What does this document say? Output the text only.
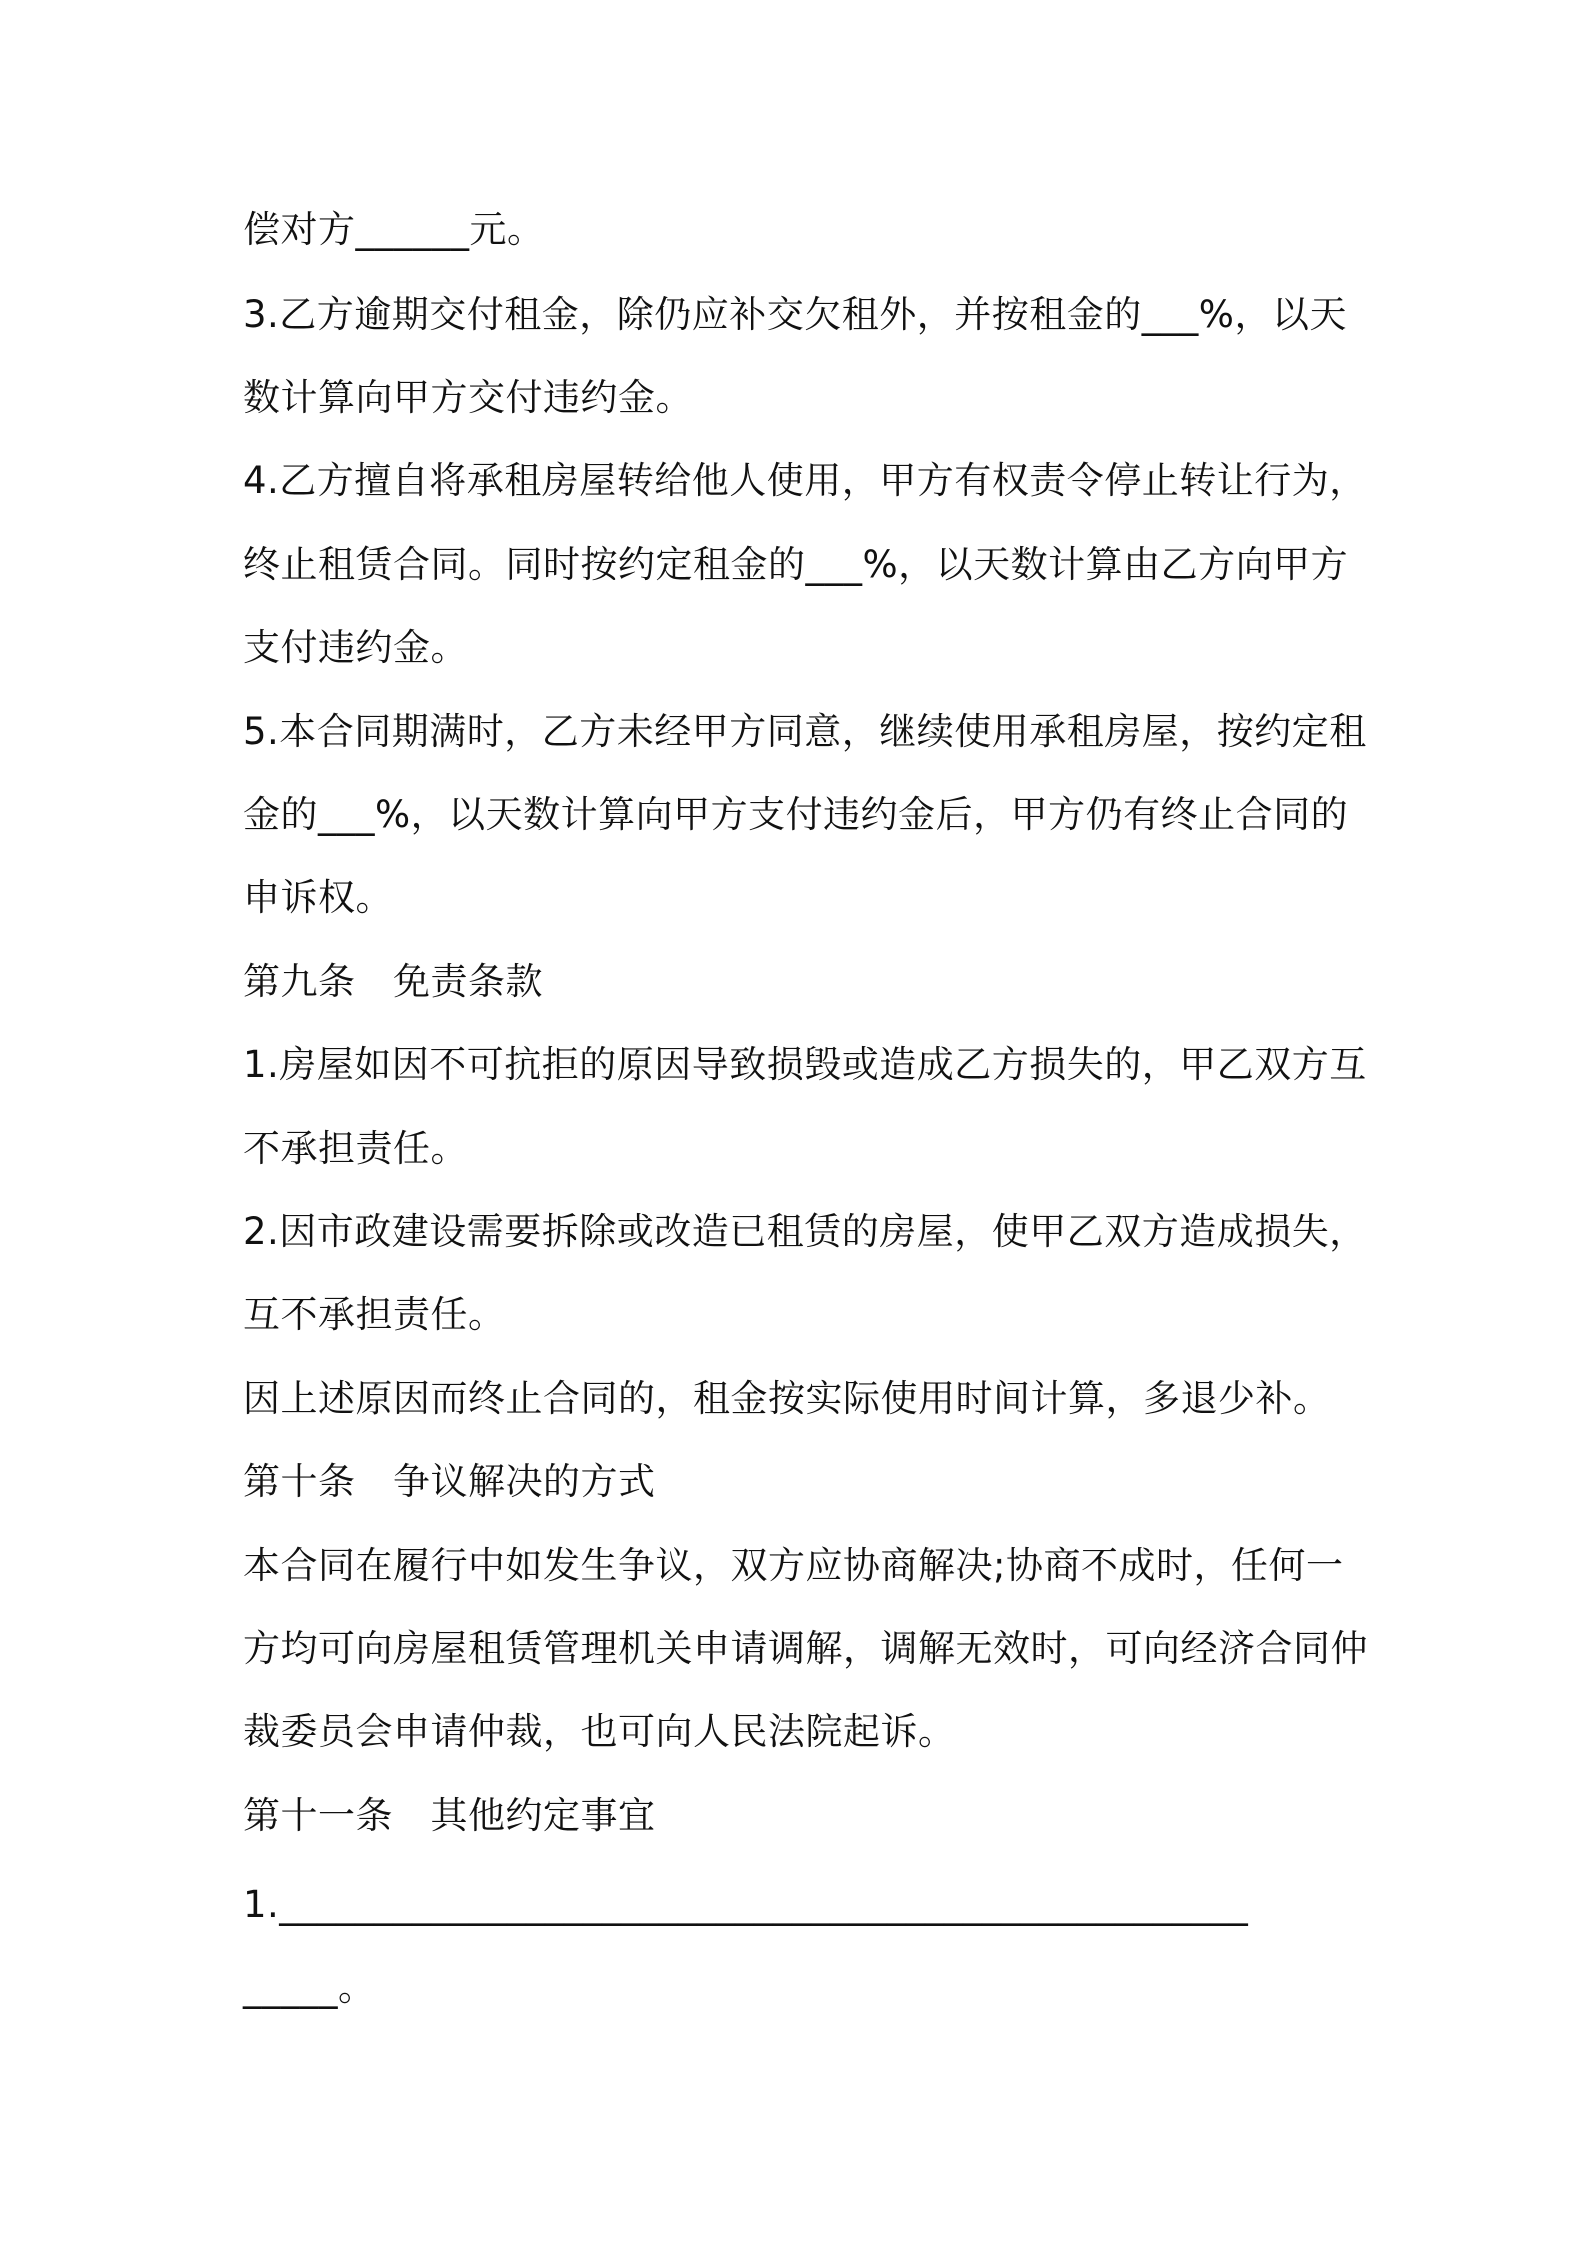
偿对方______元。
3.乙方逾期交付租金，除仍应补交欠租外，并按租金的___%，以天
数计算向甲方交付违约金。
4.乙方擅自将承租房屋转给他人使用，甲方有权责令停止转让行为，
终止租赁合同。同时按约定租金的___%，以天数计算由乙方向甲方
支付违约金。
5.本合同期满时，乙方未经甲方同意，继续使用承租房屋，按约定租
金的___%，以天数计算向甲方支付违约金后，甲方仍有终止合同的
申诉权。
第九条　免责条款
1.房屋如因不可抗拒的原因导致损毁或造成乙方损失的，甲乙双方互
不承担责任。
2.因市政建设需要拆除或改造已租赁的房屋，使甲乙双方造成损失，
互不承担责任。
因上述原因而终止合同的，租金按实际使用时间计算，多退少补。
第十条　争议解决的方式
本合同在履行中如发生争议，双方应协商解决;协商不成时，任何一
方均可向房屋租赁管理机关申请调解，调解无效时，可向经济合同仲
裁委员会申请仲裁，也可向人民法院起诉。
第十一条　其他约定事宜
1.___________________________________________________
_____。
